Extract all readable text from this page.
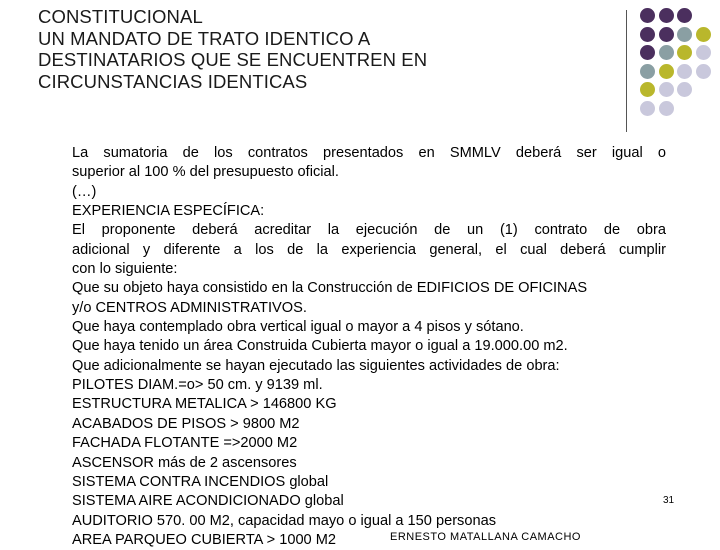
CONSTITUCIONAL
UN MANDATO DE TRATO IDENTICO A
DESTINATARIOS QUE SE ENCUENTREN EN
CIRCUNSTANCIAS IDENTICAS
La sumatoria de los contratos presentados en SMMLV deberá ser igual o
superior al 100 % del presupuesto oficial.
(…)
EXPERIENCIA ESPECÍFICA:
El proponente deberá acreditar la ejecución de un (1) contrato de obra
adicional y diferente a los de la experiencia general, el cual deberá cumplir
con lo siguiente:
Que su objeto haya consistido en la Construcción de EDIFICIOS DE OFICINAS
y/o CENTROS ADMINISTRATIVOS.
Que haya contemplado obra vertical igual o mayor a 4 pisos y sótano.
Que haya tenido un área Construida Cubierta mayor o igual a 19.000.00 m2.
Que adicionalmente se hayan ejecutado las siguientes actividades de obra:
PILOTES DIAM.=o> 50 cm. y 9139 ml.
ESTRUCTURA METALICA > 146800 KG
ACABADOS DE PISOS > 9800 M2
FACHADA FLOTANTE =>2000 M2
ASCENSOR más de 2 ascensores
SISTEMA CONTRA INCENDIOS global
SISTEMA AIRE ACONDICIONADO global
AUDITORIO 570. 00 M2, capacidad mayo o igual a 150 personas
AREA PARQUEO CUBIERTA > 1000 M2
31
ERNESTO MATALLANA CAMACHO
